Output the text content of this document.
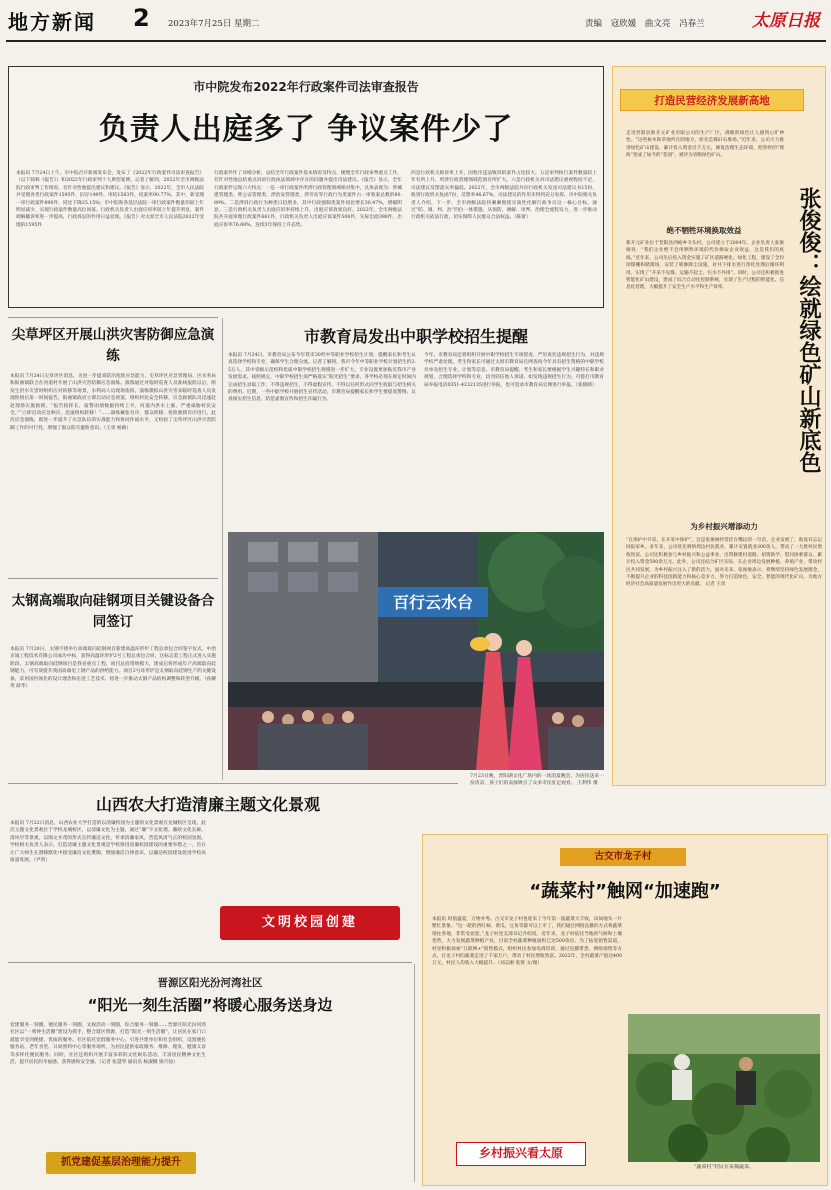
地方新闻 2 2023年7月25日 星期二	责编 寇欣媛 曲文亮 冯春兰	太原日报
市中院发布2022年行政案件司法审查报告
负责人出庭多了 争议案件少了
本报讯 7月24日上午，市中院召开新闻发布会，发布了《2022年行政案件司法审查报告》（以下简称《报告》）和2022年行政审判十大典型案例。记者了解到，2022年全市两级法院行政审判工作情况，有针对性地提出建议和建议。《报告》显示，2022年，全市人民法院共受理各类行政案件1595件，旧存149件，审结1583件，结案率90.77%。其中，新受理一审行政案件896件，同比下降25.15%；市中院和各基层法院一审行政案件数量均较上年明显减少，实现行政案件数量高位回落。行政机关负责人出庭应诉率较上年提升明显，案件调解撤诉率进一步提高，行政诉讼的作用日益显现。《报告》对太原全市人民法院2022年受理的1595件
行政案件作了详细分析，总结全年行政案件基本情况及特点，梳理全年行政审判重点工作，有针对性地总结重点诉诉行政执法领域中存在的问题并提出司法建议。《报告》显示，全年行政案件呈现六大特点：一是一审行政案件所涉行政管理领域相对集中，具体表现为：涉城建管理类、涉公安管理类、涉治安管理类，涉劳动等行政行为类案件占一审收案总数的80.89%。二是涉诉行政行为种类日趋增多，其中行政强制类案件同比增长30.47%，增幅明显。三是行政机关负责人出庭应诉率持续上升，出庭应诉效果良好。2022年，全市两级法院共开庭审理行政案件661件，行政机关负责人出庭应诉案件506件，实际出庭388件，出庭应诉率76.69%，连续3年保持上升态势。
四是行政机关败诉率上升，因程序违法败诉的案件占比较大。五是审判执行案件数量较上年有所上升，所涉行政管理领域范围有所扩大。六是行政机关对司法建议重视程度不足，司法建议反馈落实率偏低。2022年，全市两级法院共向行政机关发送司法建议书15份，收到行政机关复函7份，反馈率46.67%，司法建议的作用未得到充分发挥。市中院相关负责人介绍，下一步，全市两级法院将紧紧围绕实质性化解行政争议这一核心目标，通过“防、调、判、治”四位一体措施，从预防、调解、审判、治理全流程发力，进一步推动行政机关依法行政，切实保障人民群众合法权益。（陈蕾）
尖草坪区开展山洪灾害防御应急演练
本报讯 7月24日尖草坪区消息，为进一步提高防汛抢险应急能力，尖草坪区应急管理局、区水务局和阳曲镇联合在河道村开展了山洪灾害防御应急演练。演练通过对临时巡查人员准线报险以后，组发生洪水灾害时组织应对转移等场景，水利局人员现场指挥，演练模拟山洪灾害来临时巡查人员发现险情后第一时间报告，阳曲镇政府立即启动应急预案，组织村民安全转移，应急救援队员迅速赶赴现场实施救援。“报告指挥长，报警雨情数据持续上升，河道内洪水上涨，严重威胁村民安全。”“立即启动应急响应，迅速组织转移！”……演练紧张有序，群众转移、抢险救援有序进行。此次应急演练，既进一步提升了应急队伍的实战能力和协同作战水平，又检验了尖草坪区山洪灾害防御工作的可行性，增强了群众防灾避险意识。（王勇 杨晓）
太钢高端取向硅钢项目关键设备合同签订
本报讯 7月20日，太钢不锈举行高端取向硅钢项目新建高温环形炉工程总承包合同签字仪式，中冶京诚工程技术有限公司成功中标，获得高温环形炉2号工程总承包合同，这标志着工程正式进入实施阶段。太钢高端取向硅钢项目是我省重点工程，项目总投资规模大，建成后将形成年产高端取向硅钢能力，可有效提升我国高端电工钢产品的供给能力。项目2号环形炉是太钢取向硅钢生产的关键设备，采用国内领先的设计理念和先进工艺技术，将进一步推动太钢产品结构调整和转型升级。（孙耀英 薛华）
市教育局发出中职学校招生提醒
本报讯 7月24日，市教育局公布今年我市30所中等职业学校招生计划，提醒家长和考生认真选择学校和专业，确保学生合理分流。记者了解到，我市今年中等职业学校计划招生约2.5万人，其中省级示范校和优质中职学校招生规模进一步扩大，专业设置更加贴近我市产业发展需求。按照规定，中职学校招生须严格落实“阳光招生”要求，各学校必须在规定时间内完成招生录取工作，不得违规招生，不得虚假宣传，不得以任何形式向学生收取与招生相关的费用。近期，一些中职学校开展招生宣传活动，市教育局提醒家长和学生要提高警惕，认真核实招生信息，防范虚假宣传和招生诈骗行为。
今年，市教育局还将组织开展中职学校招生专项督查，严厉查处违规招生行为，对违规学校严肃处理。考生和家长可通过太原市教育局官网查询今年具有招生资格的中职学校名单及招生专业、计划等信息。市教育局提醒，考生和家长要根据学生兴趣特长和职业规划，合理选择学校和专业，切勿轻信他人承诺。如发现违规招生行为，可拨打市教育局举报电话0351-4232135进行举报，也可登录市教育局官网进行举报。（张晓晴）
百行云水台
7月23日晚，晋阳湖文化广场内的一场消夏晚会，为居民送来一份清凉，孩子们的表演吸引了众多市民驻足观看。 王利伟 摄
山西农大打造清廉主题文化景观
本报讯 7月22日消息，山西农业大学打造的以清廉校园为主题的文化景观在龙城校区呈现。此次主题文化景观位于学校龙城校区，以清廉文化为主题，通过“廉”字文化墙、廉政文化长廊、清风亭等景观，以图文并茂的形式宣传廉洁文化，传承清廉家风，营造风清气正的校园氛围。学校相关负责人表示，打造清廉主题文化景观是学校推进清廉校园建设的重要举措之一，旨在让广大师生在潜移默化中接受廉洁文化熏陶，增强廉洁自律意识，以廉洁校园建设促进学校高质量发展。（尹剑）
文明校园创建
晋源区阳光汾河湾社区
“阳光一刻生活圈”将暖心服务送身边
党建服务一刻圈，便民服务一刻圈，文娱活动一刻圈，综合服务一刻圈……晋源区阳光汾河湾社区以“一刻钟生活圈”建设为抓手，整合辖区资源，打造“阳光一刻生活圈”，让居民在家门口就能享受到便捷、优质的服务。社区依托党群服务中心，引进共建单位和社会组织，设置便民服务站、老年食堂、日间照料中心等服务场所，为居民提供家政服务、维修、理发、健康义诊等多样化便民服务。同时，社区还组织开展丰富多彩的文化娱乐活动，丰富居民精神文化生活，提升居民的幸福感、获得感和安全感。（记者 张慧琴 通讯员 杨淑娜 梁月仙）
抓党建促基层治理能力提升
打造民营经济发展新高地
走进晋阳县新开元矿业有限公司的生产厂区，满眼的绿色让人感到心旷神怡。“这些树木和草地所在的地方，原先是煤矸石堆场。”近年来，公司大力推进绿色矿山建设，累计投入资金近千万元，修复治理生态环境，把曾经的“煤海”变成了如今的“花园”，被评为省级绿色矿山。
张俊俊：绘就绿色矿山新底色
绝不牺牲环境换取效益
新开元矿业位于晋阳县西峪乡寺头村，公司建立于2004年。企业负责人张俊俊说：“我们企业绝不会用牺牲环境的代价换取企业效益，这是我们的底线。”近年来，公司先后投入资金实施了矿区道路硬化、绿化工程，建设了全封闭煤棚和储煤场，安装了喷淋降尘设施，对井下排水进行净化处理后循环利用，实现了“开采不见煤、运输不起尘、污水不外排”。同时，公司还积极推进智能化矿山建设，建成了综合自动化控制系统，实现了生产过程的智能化、信息化管理，大幅提升了安全生产水平和生产效率。
为乡村振兴增添动力
“在保护中开采，在开采中保护”，这是张俊俊经常挂在嘴边的一句话。企业发展了，他没有忘记回报家乡。多年来，公司优先吸纳周边村民就业，累计安置就业300余人，带动了一大批村民增收致富。公司还积极参与乡村振兴和公益事业，出资修建村道路、捐资助学、慰问困难群众，累计投入资金500余万元。此外，公司还结合矿区实际，在企业周边发展种植、养殖产业，带动村民共同发展，为乡村振兴注入了新的活力。面对未来，张俊俊表示，将继续坚持绿色发展理念，不断提升企业的科技创新能力和核心竞争力，努力打造绿色、安全、智能的现代化矿山，为地方经济社会高质量发展作出更大的贡献。 记者 王勇
古交市龙子村
“蔬菜村”触网“加速跑”
本报讯 时值盛夏，万物并秀。古交市龙子村也迎来了今年第一波蔬菜大丰收，田间地头一片繁忙景象。“这一轮的西红柿、黄瓜、豆角等都可以上市了，我们通过网络直播的方式将蔬菜销往各地，非常受欢迎。”龙子村党支部书记介绍说，近年来，龙子村依托当地的气候和土壤优势，大力发展蔬菜种植产业，目前全村蔬菜种植面积已达500余亩。为了拓宽销售渠道，村里积极探索“互联网+”销售模式，组织村民参加电商培训，通过直播带货、网络销售等方式，让龙子村的蔬菜走进了千家万户，带动了村民增收致富。2022年，全村蔬菜产值达400万元，村民人均收入大幅提升。（刘志刚 张蓉 文/图）
“蔬菜村”村民在采摘蔬菜。
乡村振兴看太原
